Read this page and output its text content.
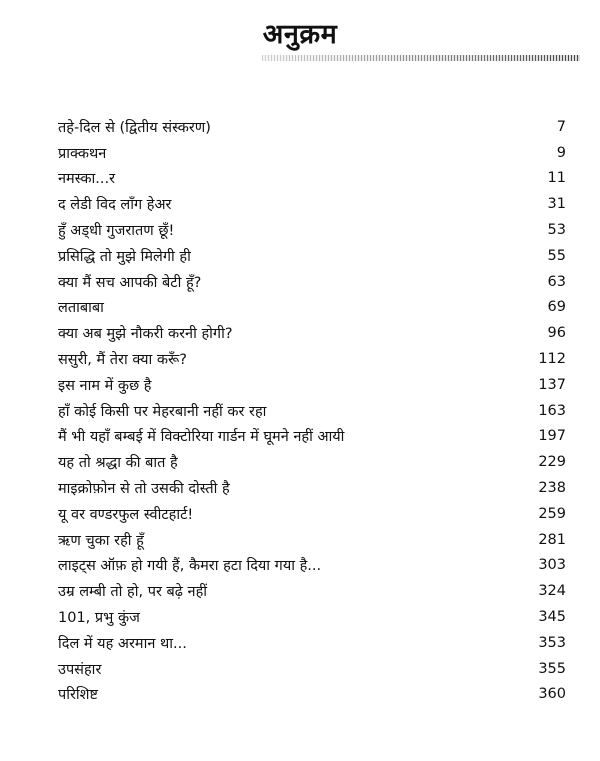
अनुक्रम
तहे-दिल से (द्वितीय संस्करण)	7
प्राक्कथन	9
नमस्का...र	11
द लेडी विद लाँग हेअर	31
हुँ अड्धी गुजरातण छूँ!	53
प्रसिद्धि तो मुझे मिलेगी ही	55
क्या मैं सच आपकी बेटी हूँ?	63
लताबाबा	69
क्या अब मुझे नौकरी करनी होगी?	96
ससुरी, मैं तेरा क्या करूँ?	112
इस नाम में कुछ है	137
हाँ कोई किसी पर मेहरबानी नहीं कर रहा	163
मैं भी यहाँ बम्बई में विक्टोरिया गार्डन में घूमने नहीं आयी	197
यह तो श्रद्धा की बात है	229
माइक्रोफ़ोन से तो उसकी दोस्ती है	238
यू वर वण्डरफुल स्वीटहार्ट!	259
ऋण चुका रही हूँ	281
लाइट्स ऑफ़ हो गयी हैं, कैमरा हटा दिया गया है...	303
उम्र लम्बी तो हो, पर बढ़े नहीं	324
101, प्रभु कुंज	345
दिल में यह अरमान था...	353
उपसंहार	355
परिशिष्ट	360
